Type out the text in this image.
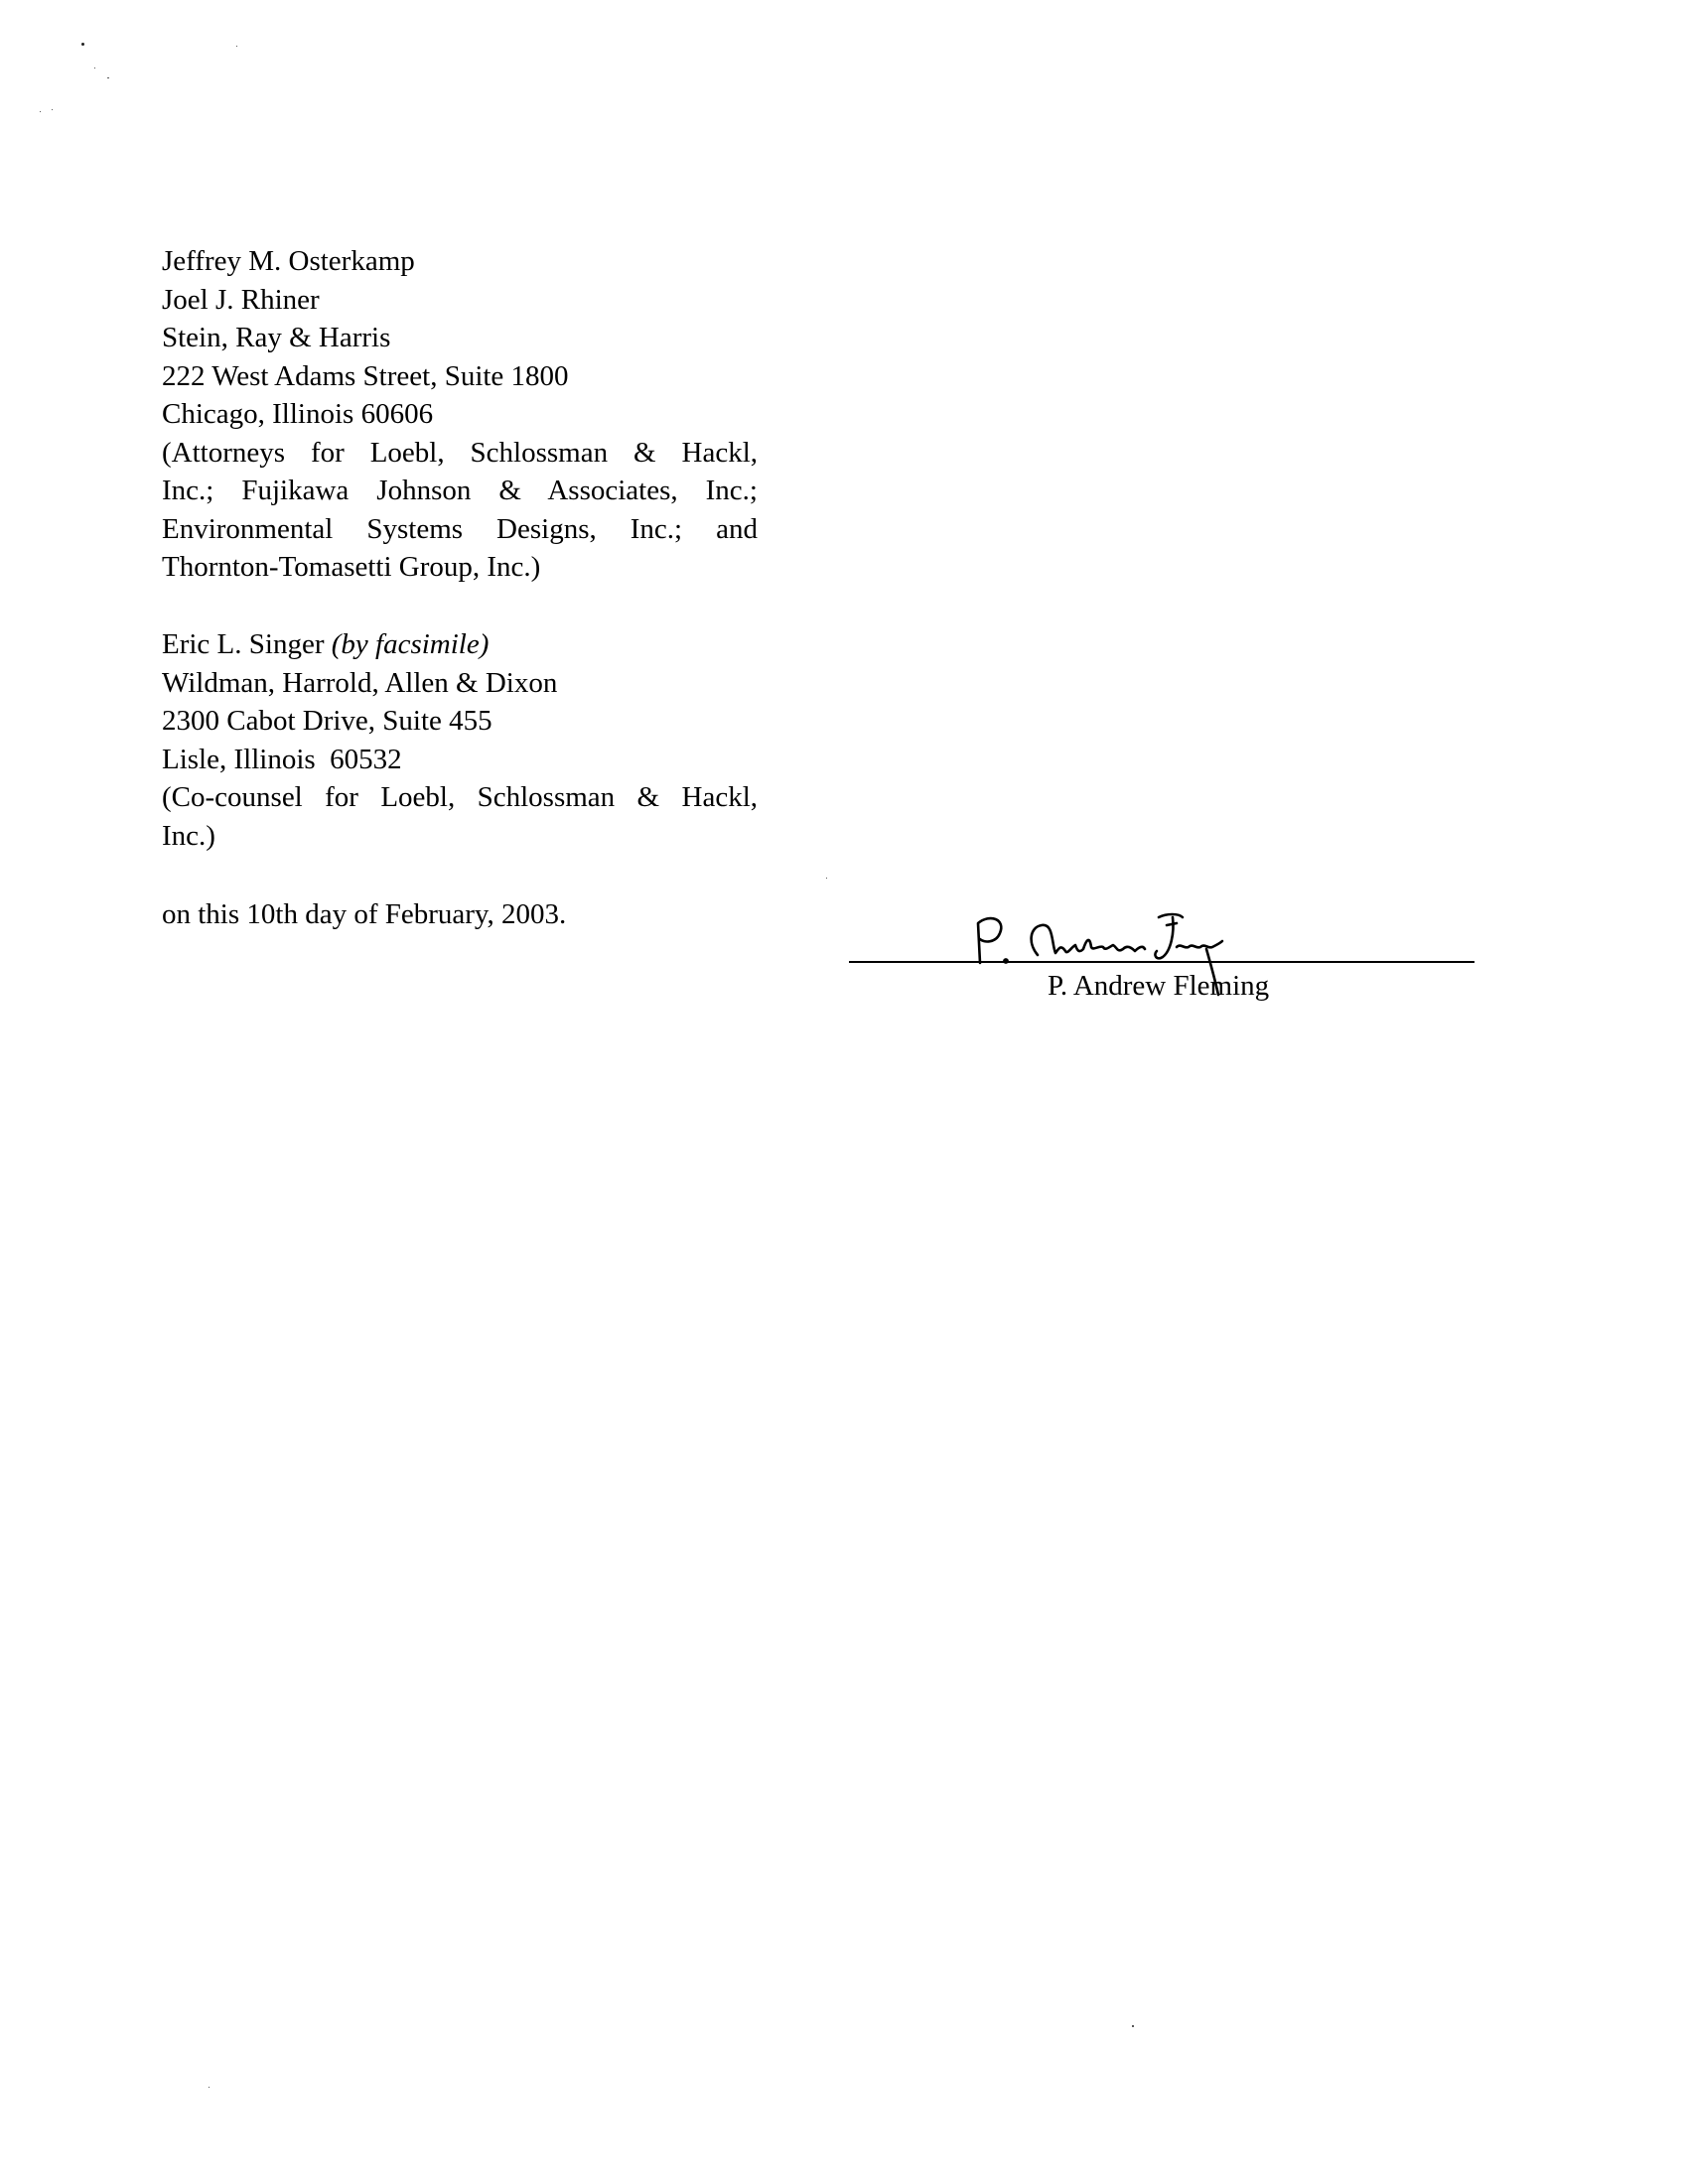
Jeffrey M. Osterkamp
Joel J. Rhiner
Stein, Ray & Harris
222 West Adams Street, Suite 1800
Chicago, Illinois 60606
(Attorneys for Loebl, Schlossman & Hackl,
Inc.; Fujikawa Johnson & Associates, Inc.;
Environmental Systems Designs, Inc.; and
Thornton-Tomasetti Group, Inc.)
Eric L. Singer (by facsimile)
Wildman, Harrold, Allen & Dixon
2300 Cabot Drive, Suite 455
Lisle, Illinois  60532
(Co-counsel for Loebl, Schlossman & Hackl,
Inc.)
on this 10th day of February, 2003.
P. Andrew Fleming
